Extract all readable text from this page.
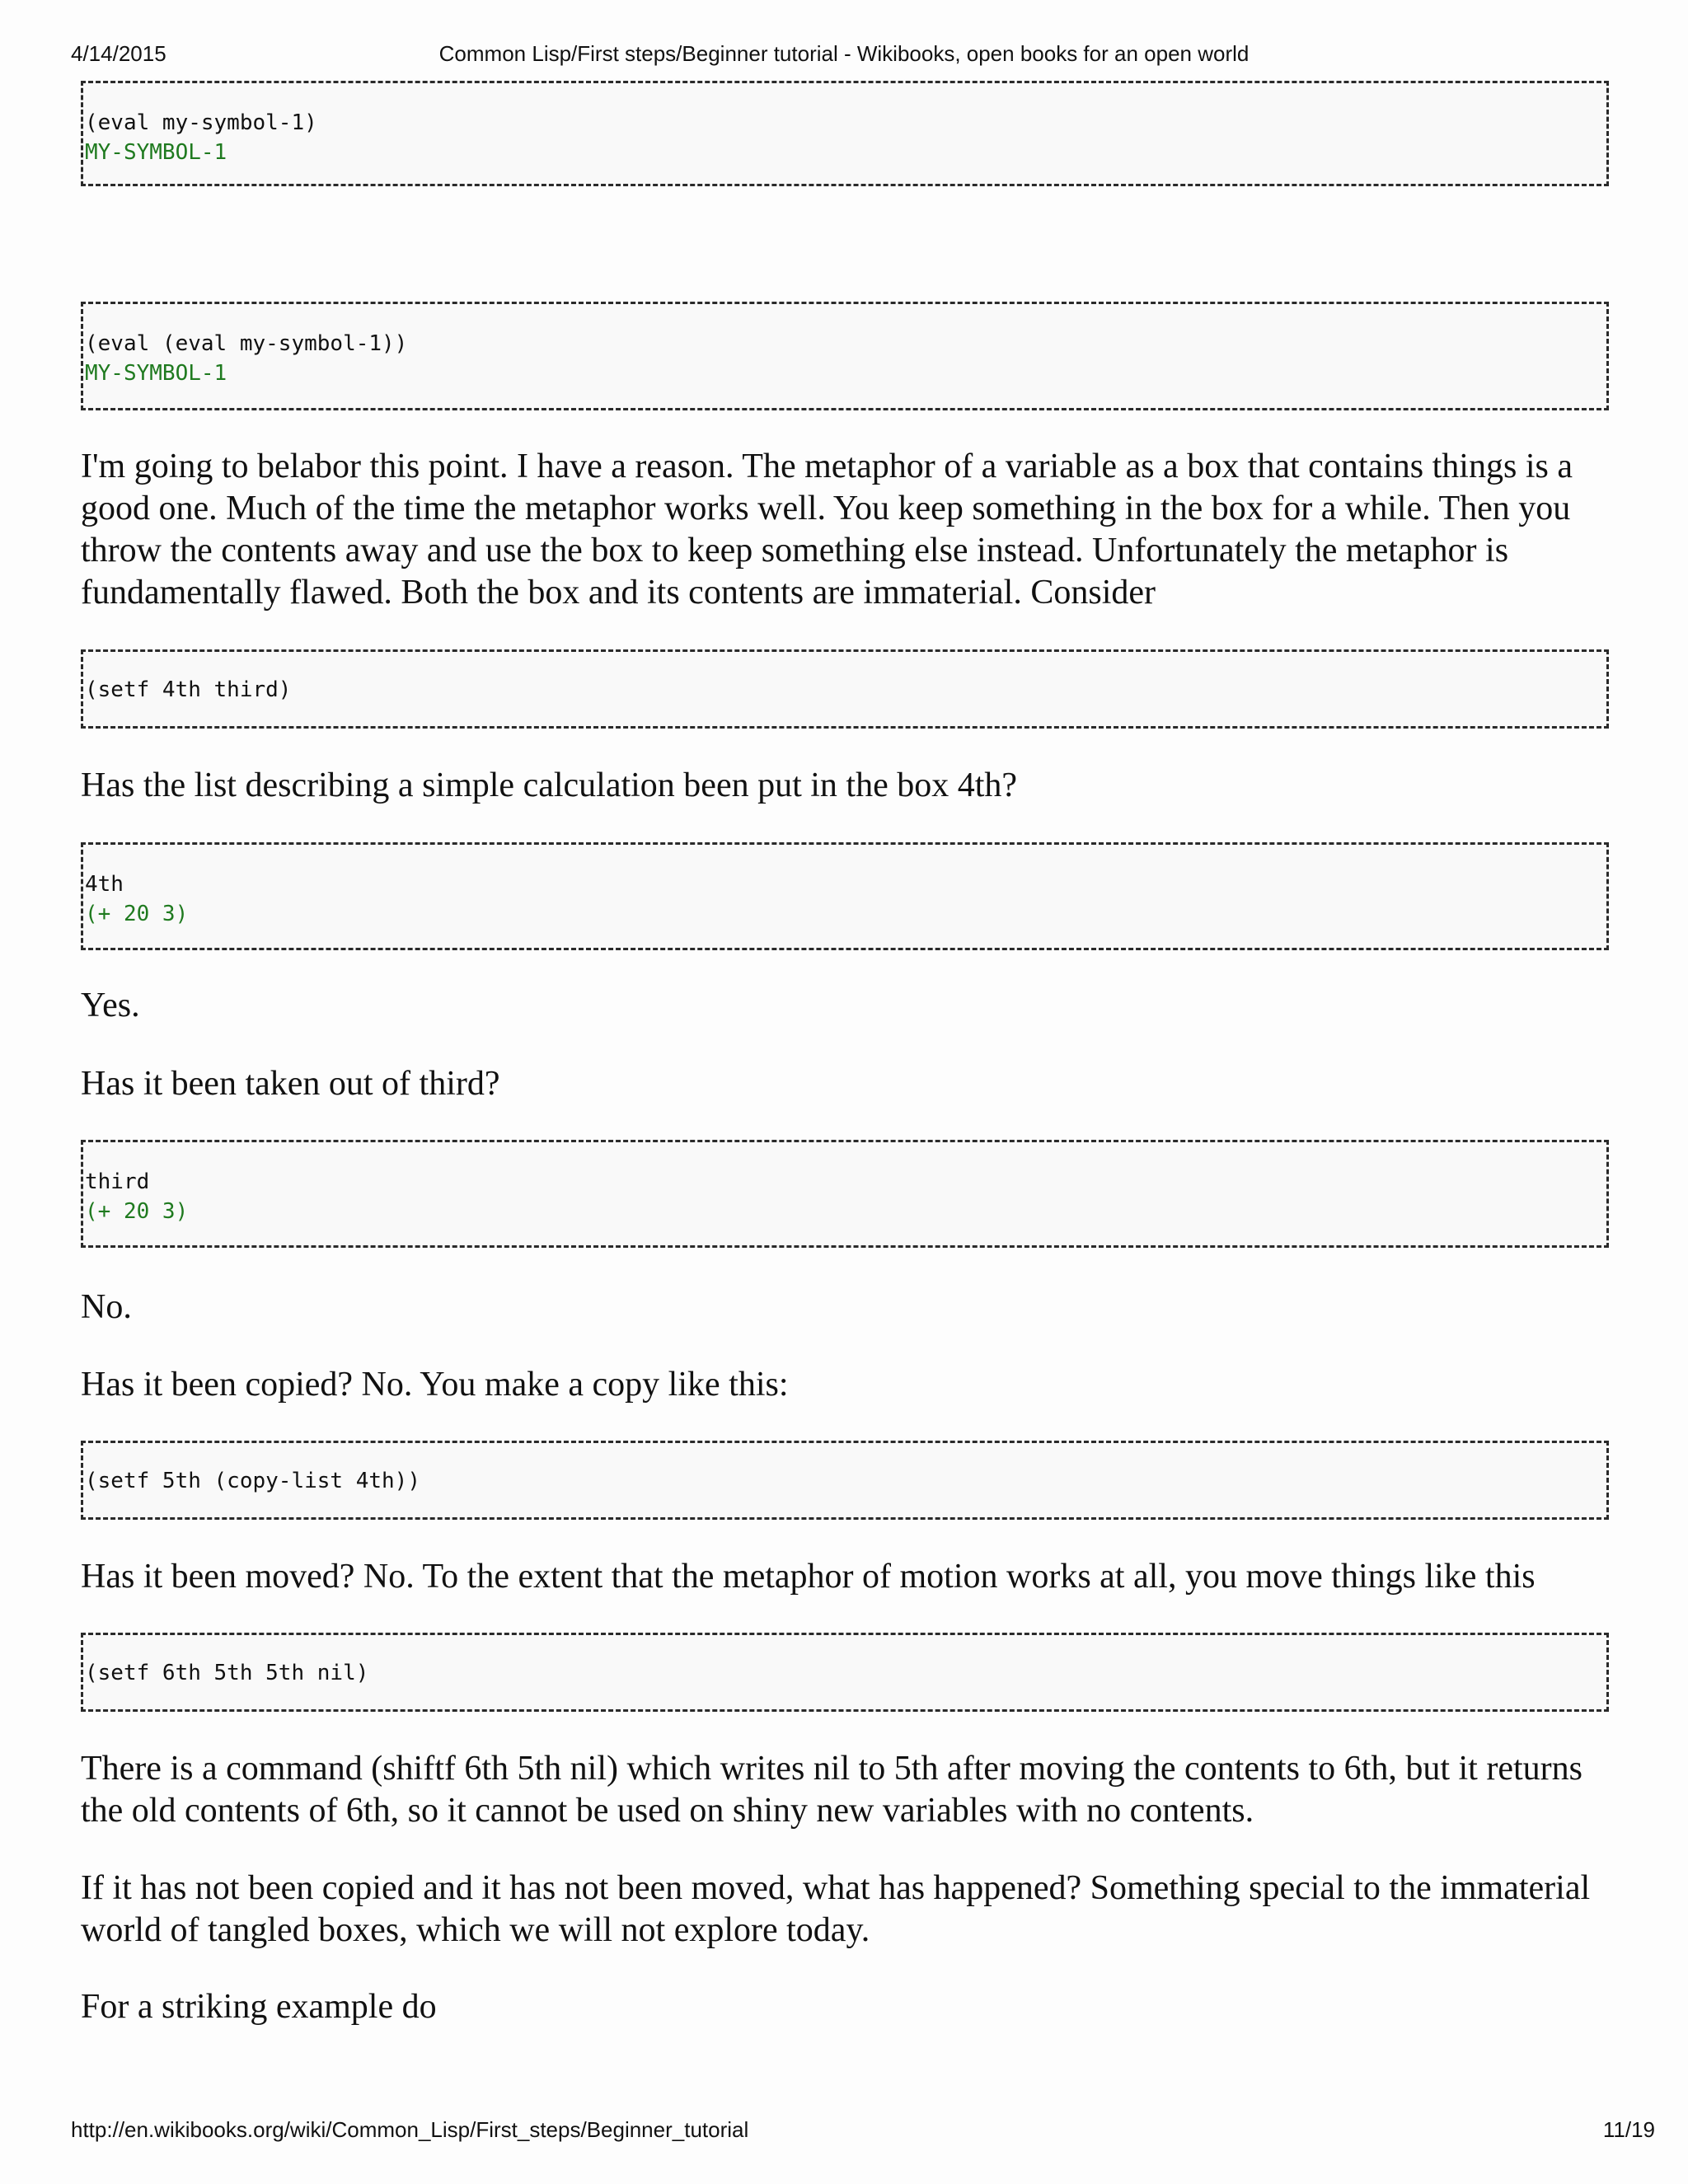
4/14/2015	Common Lisp/First steps/Beginner tutorial - Wikibooks, open books for an open world
(eval my-symbol-1)
MY-SYMBOL-1
(eval (eval my-symbol-1))
MY-SYMBOL-1

I'm going to belabor this point. I have a reason. The metaphor of a variable as a box that contains things is a good one. Much of the time the metaphor works well. You keep something in the box for a while. Then you throw the contents away and use the box to keep something else instead. Unfortunately the metaphor is fundamentally flawed. Both the box and its contents are immaterial. Consider

(setf 4th third)

Has the list describing a simple calculation been put in the box 4th?

4th
(+ 20 3)

Yes.

Has it been taken out of third?

third
(+ 20 3)

No.

Has it been copied? No. You make a copy like this:

(setf 5th (copy-list 4th))

Has it been moved? No. To the extent that the metaphor of motion works at all, you move things like this

(setf 6th 5th 5th nil)

There is a command (shiftf 6th 5th nil) which writes nil to 5th after moving the contents to 6th, but it returns the old contents of 6th, so it cannot be used on shiny new variables with no contents.

If it has not been copied and it has not been moved, what has happened? Something special to the immaterial world of tangled boxes, which we will not explore today.

For a striking example do

http://en.wikibooks.org/wiki/Common_Lisp/First_steps/Beginner_tutorial	11/19
